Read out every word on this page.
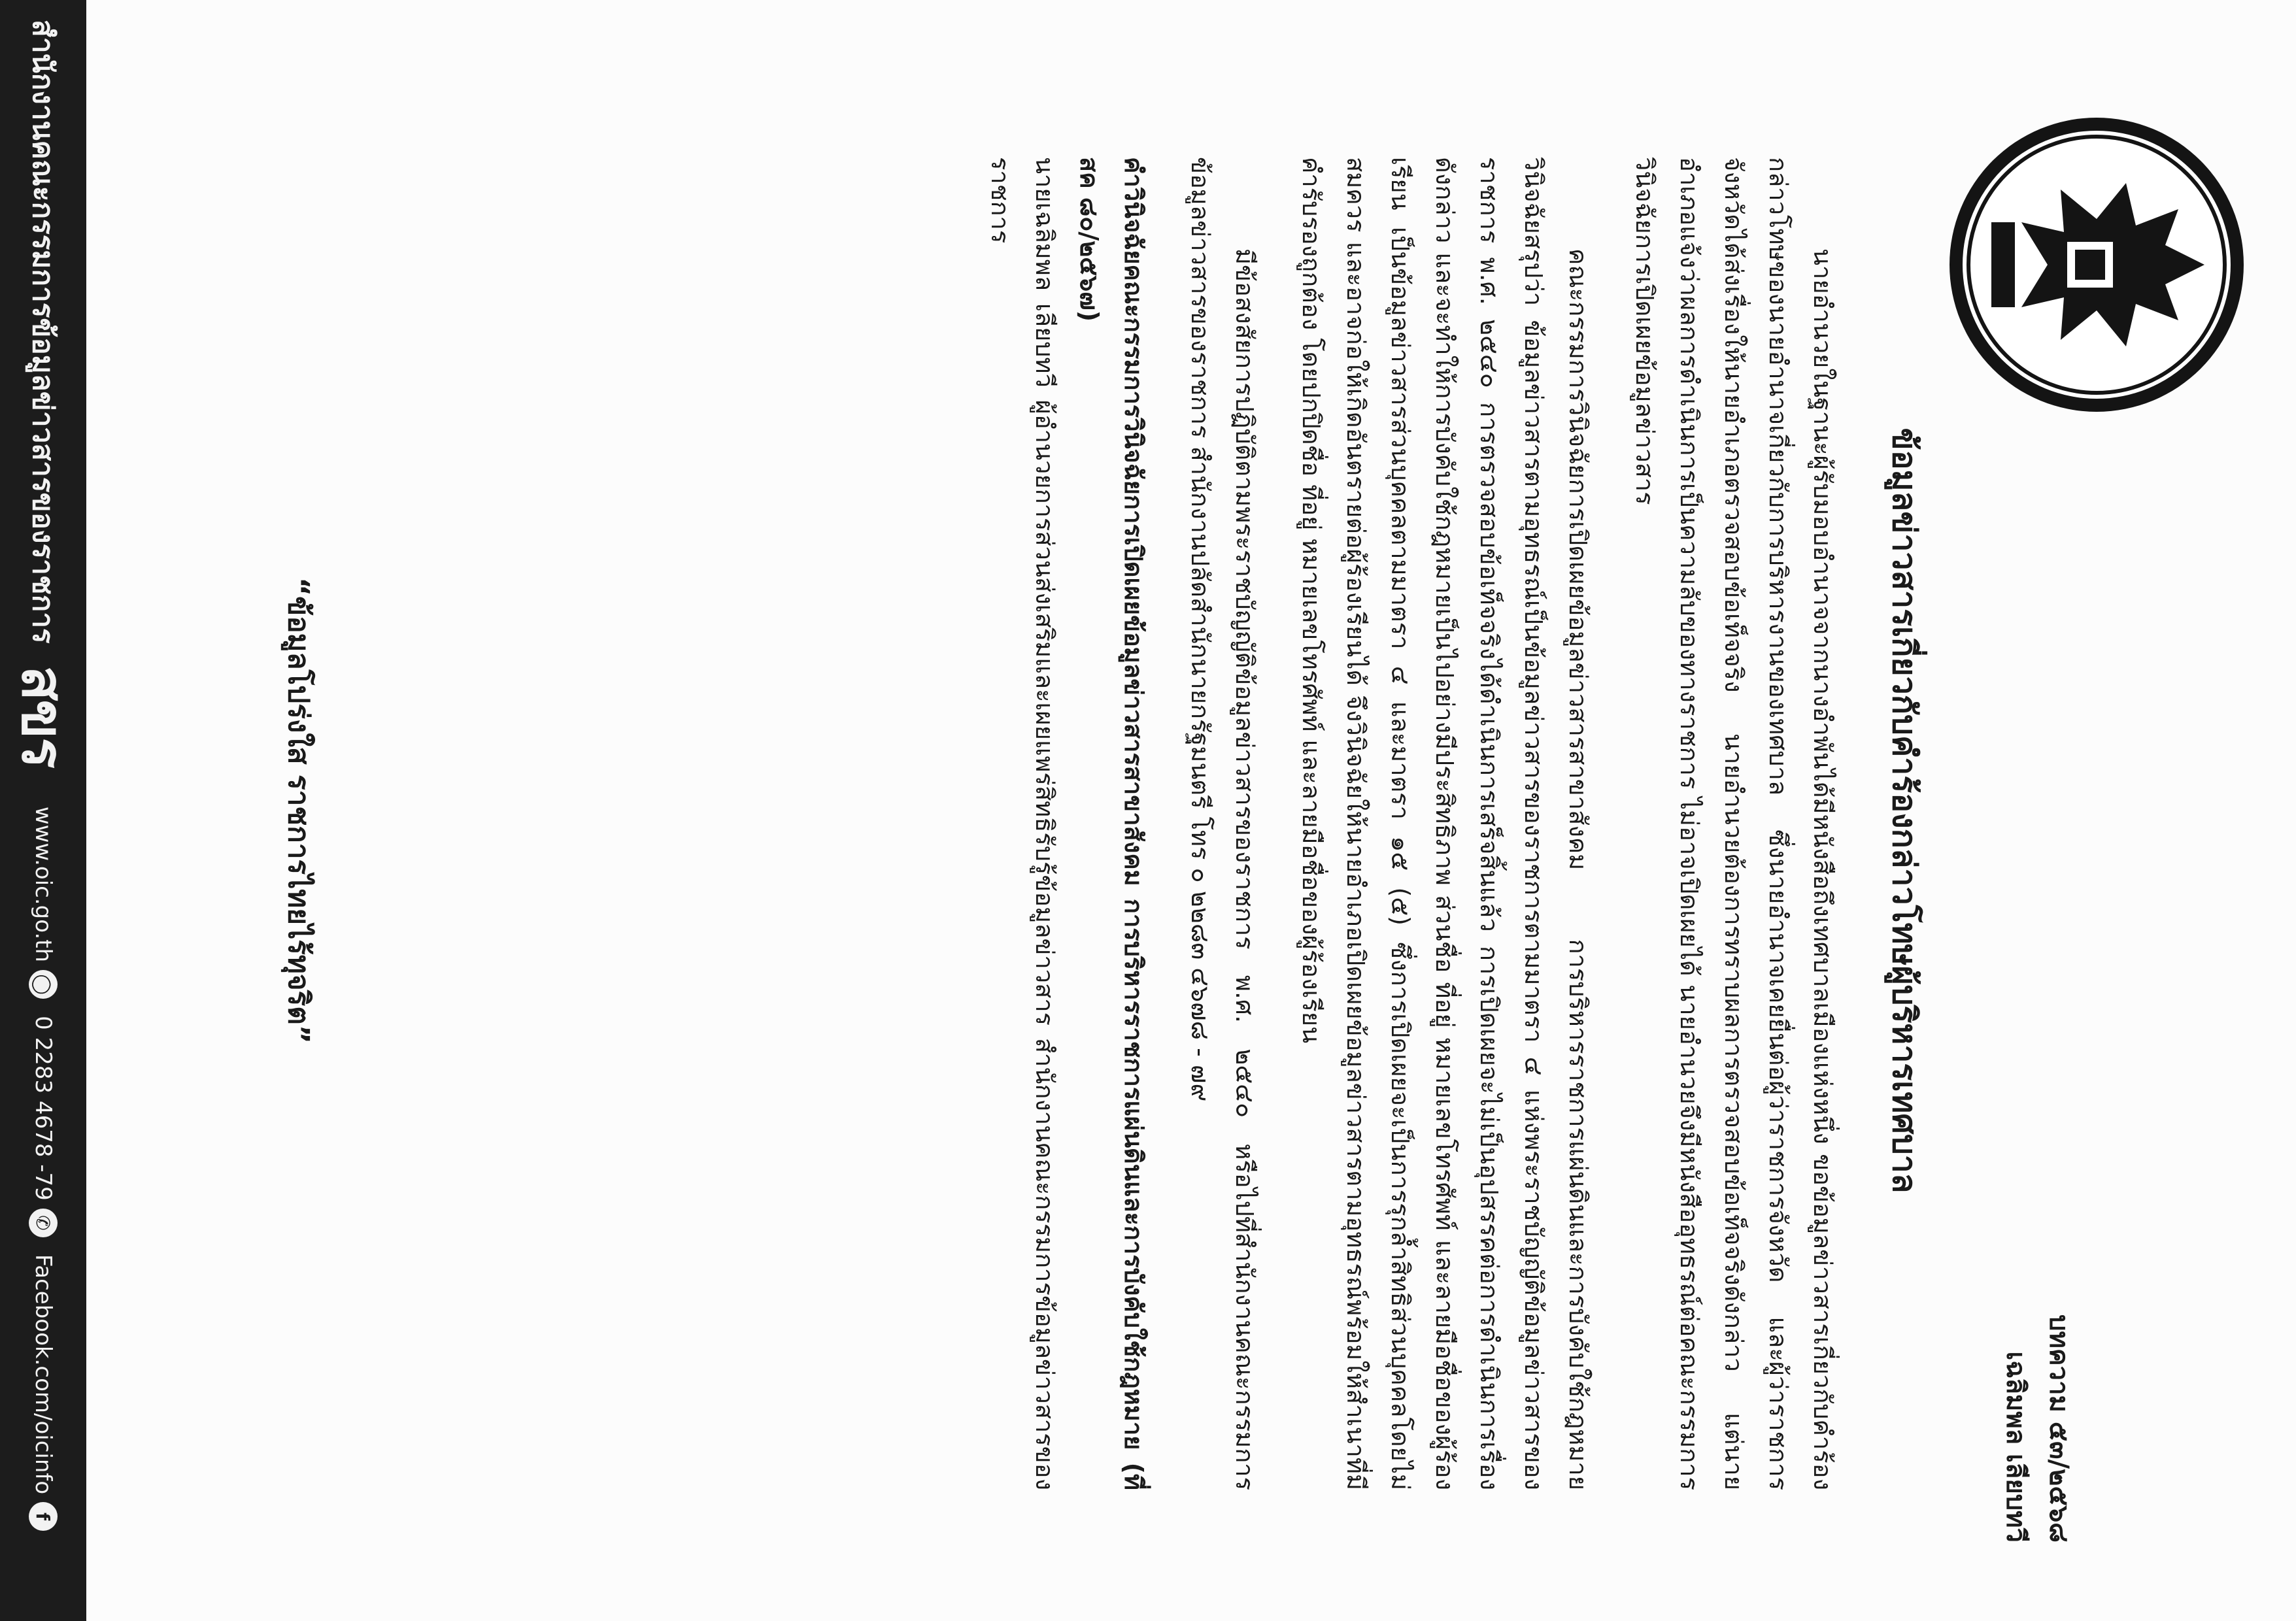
บทความ ๕๓/๒๕๖๘
เฉลิมพล เลียบทวี
ข้อมูลข่าวสารเกี่ยวกับคำร้องกล่าวโทษผู้บริหารเทศบาล

นายอำนวยในฐานะผู้รับมอบอำนาจจากนางอำพันได้มีหนังสือถึงเทศบาลเมืองแห่งหนึ่ง ขอข้อมูลข่าวสารเกี่ยวกับคำร้องกล่าวโทษของนายอำนาจเกี่ยวกับการบริหารงานของเทศบาล ซึ่งนายอำนาจเคยยื่นต่อผู้ว่าราชการจังหวัด และผู้ว่าราชการจังหวัดได้ส่งเรื่องให้นายอำเภอตรวจสอบข้อเท็จจริง นายอำนวยต้องการทราบผลการตรวจสอบข้อเท็จจริงดังกล่าว แต่นายอำเภอแจ้งว่าผลการดำเนินการเป็นความลับของทางราชการ ไม่อาจเปิดเผยได้ นายอำนวยจึงมีหนังสืออุทธรณ์ต่อคณะกรรมการวินิจฉัยการเปิดเผยข้อมูลข่าวสาร

คณะกรรมการวินิจฉัยการเปิดเผยข้อมูลข่าวสารสาขาสังคม การบริหารราชการแผ่นดินและการบังคับใช้กฎหมายวินิจฉัยสรุปว่า ข้อมูลข่าวสารตามอุทธรณ์เป็นข้อมูลข่าวสารของราชการตามมาตรา ๔ แห่งพระราชบัญญัติข้อมูลข่าวสารของราชการ พ.ศ. ๒๕๔๐ การตรวจสอบข้อเท็จจริงได้ดำเนินการเสร็จสิ้นแล้ว การเปิดเผยจะไม่เป็นอุปสรรคต่อการดำเนินการเรื่องดังกล่าว และจะทำให้การบังคับใช้กฎหมายเป็นไปอย่างมีประสิทธิภาพ ส่วนชื่อ ที่อยู่ หมายเลขโทรศัพท์ และลายมือชื่อของผู้ร้องเรียน เป็นข้อมูลข่าวสารส่วนบุคคลตามมาตรา ๔ และมาตรา ๑๕ (๕) ซึ่งการเปิดเผยจะเป็นการรุกล้ำสิทธิส่วนบุคคลโดยไม่สมควร และอาจก่อให้เกิดอันตรายต่อผู้ร้องเรียนได้ จึงวินิจฉัยให้นายอำเภอเปิดเผยข้อมูลข่าวสารตามอุทธรณ์พร้อมให้สำเนาที่มีคำรับรองถูกต้อง โดยปกปิดชื่อ ที่อยู่ หมายเลขโทรศัพท์ และลายมือชื่อของผู้ร้องเรียน

มีข้อสงสัยการปฏิบัติตามพระราชบัญญัติข้อมูลข่าวสารของราชการ พ.ศ. ๒๕๔๐ หรือไปที่สำนักงานคณะกรรมการข้อมูลข่าวสารของราชการ สำนักงานปลัดสำนักนายกรัฐมนตรี โทร ๐ ๒๒๘๓ ๔๖๗๘ - ๗๙

คำวินิจฉัยคณะกรรมการวินิจฉัยการเปิดเผยข้อมูลข่าวสารสาขาสังคม การบริหารราชการแผ่นดินและการบังคับใช้กฎหมาย (ที่ สค ๘๐/๒๕๖๗)
นายเฉลิมพล เลียบทวี ผู้อำนวยการส่วนส่งเสริมและเผยแพร่สิทธิรับรู้ข้อมูลข่าวสาร สำนักงานคณะกรรมการข้อมูลข่าวสารของราชการ
“ข้อมูลโปร่งใส ราชการไทยไร้ทุจริต”
สำนักงานคณะกรรมการข้อมูลข่าวสารของราชการ
สขร
www.oic.go.th
◯
0 2283 4678 -79
✆
Facebook.com/oicinfo
f
